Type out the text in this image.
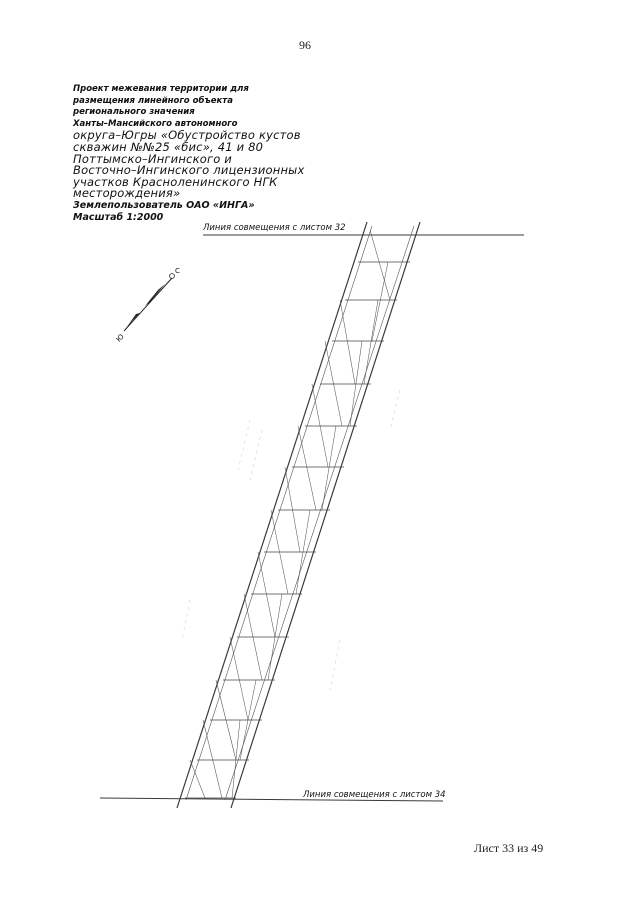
96
Проект межевания территории для
размещения линейного объекта
регионального значения
Ханты–Мансийского автономного
округа–Югры «Обустройство кустов
скважин №№25 «бис», 41 и 80
Поттымско–Ингинского и
Восточно–Ингинского лицензионных
участков Красноленинского НГК
месторождения»
Землепользователь ОАО «ИНГА»
Масштаб 1:2000
С
Ю
Линия совмещения с листом 32
Линия совмещения с листом 34
Лист 33 из 49
